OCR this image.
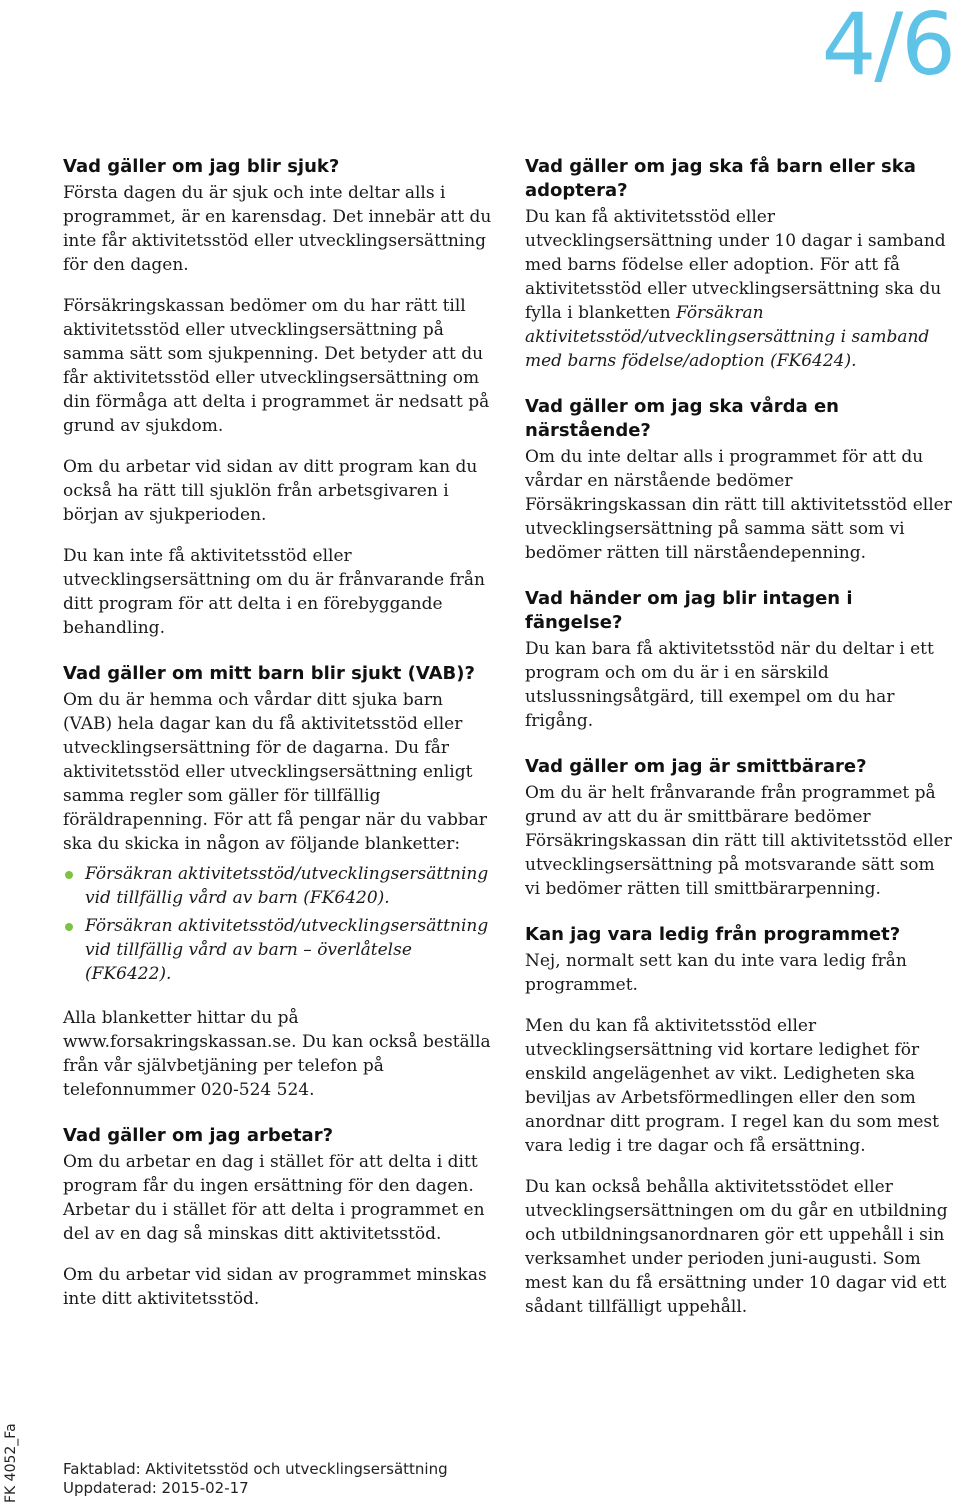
4/6
Vad gäller om jag blir sjuk?

Första dagen du är sjuk och inte deltar alls i programmet, är en karensdag. Det innebär att du inte får aktivitetsstöd eller utvecklingsersättning för den dagen.

Försäkringskassan bedömer om du har rätt till aktivitetsstöd eller utvecklingsersättning på samma sätt som sjukpenning. Det betyder att du får aktivitetsstöd eller utvecklingsersättning om din förmåga att delta i programmet är nedsatt på grund av sjukdom.

Om du arbetar vid sidan av ditt program kan du också ha rätt till sjuklön från arbetsgivaren i början av sjukperioden.

Du kan inte få aktivitetsstöd eller utvecklingsersättning om du är frånvarande från ditt program för att delta i en förebyggande behandling.

Vad gäller om mitt barn blir sjukt (VAB)?

Om du är hemma och vårdar ditt sjuka barn (VAB) hela dagar kan du få aktivitetsstöd eller utvecklingsersättning för de dagarna. Du får aktivitetsstöd eller utvecklingsersättning enligt samma regler som gäller för tillfällig föräldrapenning. För att få pengar när du vabbar ska du skicka in någon av följande blanketter:

Försäkran aktivitetsstöd/utvecklingsersättning vid tillfällig vård av barn (FK6420).
Försäkran aktivitetsstöd/utvecklingsersättning vid tillfällig vård av barn – överlåtelse (FK6422).

Alla blanketter hittar du på www.forsakringskassan.se. Du kan också beställa från vår självbetjäning per telefon på telefonnummer 020-524 524.

Vad gäller om jag arbetar?

Om du arbetar en dag i stället för att delta i ditt program får du ingen ersättning för den dagen. Arbetar du i stället för att delta i programmet en del av en dag så minskas ditt aktivitetsstöd.

Om du arbetar vid sidan av programmet minskas inte ditt aktivitetsstöd.

Vad gäller om jag ska få barn eller ska adoptera?

Du kan få aktivitetsstöd eller utvecklingsersättning under 10 dagar i samband med barns födelse eller adoption. För att få aktivitetsstöd eller utvecklingsersättning ska du fylla i blanketten Försäkran aktivitetsstöd/utvecklingsersättning i samband med barns födelse/adoption (FK6424).

Vad gäller om jag ska vårda en närstående?

Om du inte deltar alls i programmet för att du vårdar en närstående bedömer Försäkringskassan din rätt till aktivitetsstöd eller utvecklingsersättning på samma sätt som vi bedömer rätten till närståendepenning.

Vad händer om jag blir intagen i fängelse?

Du kan bara få aktivitetsstöd när du deltar i ett program och om du är i en särskild utslussningsåtgärd, till exempel om du har frigång.

Vad gäller om jag är smittbärare?

Om du är helt frånvarande från programmet på grund av att du är smittbärare bedömer Försäkringskassan din rätt till aktivitetsstöd eller utvecklingsersättning på motsvarande sätt som vi bedömer rätten till smittbärarpenning.

Kan jag vara ledig från programmet?

Nej, normalt sett kan du inte vara ledig från programmet.

Men du kan få aktivitetsstöd eller utvecklingsersättning vid kortare ledighet för enskild angelägenhet av vikt. Ledigheten ska beviljas av Arbetsförmedlingen eller den som anordnar ditt program. I regel kan du som mest vara ledig i tre dagar och få ersättning.

Du kan också behålla aktivitetsstödet eller utvecklingsersättningen om du går en utbildning och utbildningsanordnaren gör ett uppehåll i sin verksamhet under perioden juni-augusti. Som mest kan du få ersättning under 10 dagar vid ett sådant tillfälligt uppehåll.

FK 4052_Fa	Faktablad: Aktivitetsstöd och utvecklingsersättning
Uppdaterad: 2015-02-17
